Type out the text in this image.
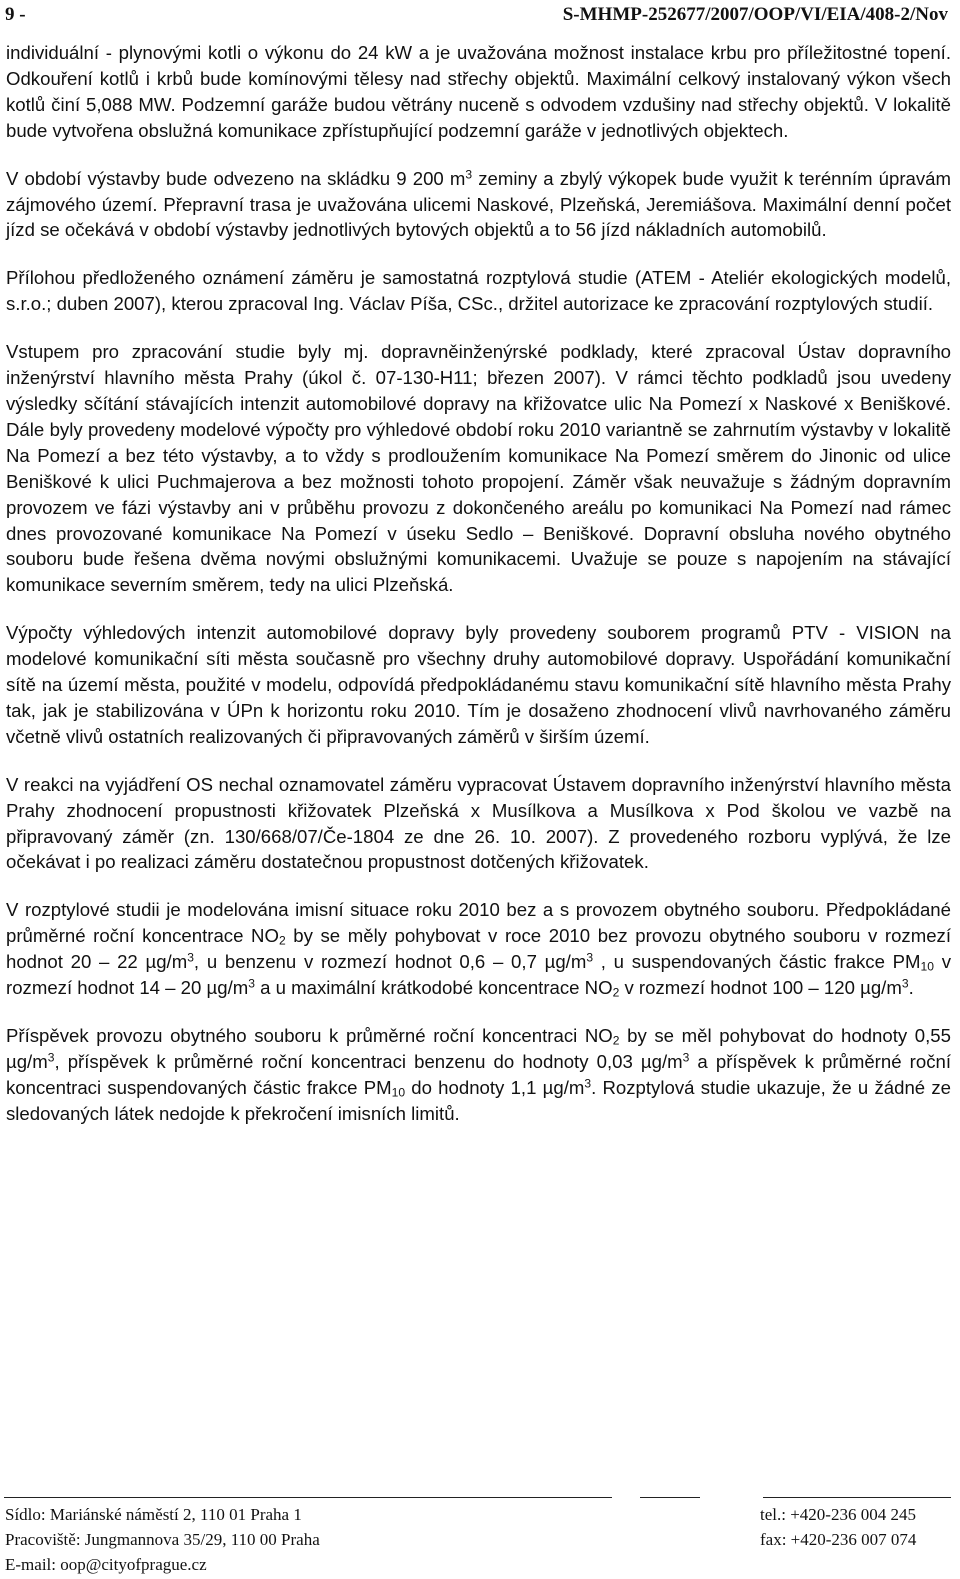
9 -	S-MHMP-252677/2007/OOP/VI/EIA/408-2/Nov

individuální - plynovými kotli o výkonu do 24 kW a je uvažována možnost instalace krbu pro příležitostné topení. Odkouření kotlů i krbů bude komínovými tělesy nad střechy objektů. Maximální celkový instalovaný výkon všech kotlů činí 5,088 MW. Podzemní garáže budou větrány nuceně s odvodem vzdušiny nad střechy objektů. V lokalitě bude vytvořena obslužná komunikace zpřístupňující podzemní garáže v jednotlivých objektech.

V období výstavby bude odvezeno na skládku 9 200 $m^3$ zeminy a zbylý výkopek bude využit k terénním úpravám zájmového území. Přepravní trasa je uvažována ulicemi Naskové, Plzeňská, Jeremiášova. Maximální denní počet jízd se očekává v období výstavby jednotlivých bytových objektů a to 56 jízd nákladních automobilů.

Přílohou předloženého oznámení záměru je samostatná rozptylová studie (ATEM - Ateliér ekologických modelů, s.r.o.; duben 2007), kterou zpracoval Ing. Václav Píša, CSc., držitel autorizace ke zpracování rozptylových studií.

Vstupem pro zpracování studie byly mj. dopravněinženýrské podklady, které zpracoval Ústav dopravního inženýrství hlavního města Prahy (úkol č. 07-130-H11; březen 2007). V rámci těchto podkladů jsou uvedeny výsledky sčítání stávajících intenzit automobilové dopravy na křižovatce ulic Na Pomezí x Naskové x Beniškové. Dále byly provedeny modelové výpočty pro výhledové období roku 2010 variantně se zahrnutím výstavby v lokalitě Na Pomezí a bez této výstavby, a to vždy s prodloužením komunikace Na Pomezí směrem do Jinonic od ulice Beniškové k ulici Puchmajerova a bez možnosti tohoto propojení. Záměr však neuvažuje s žádným dopravním provozem ve fázi výstavby ani v průběhu provozu z dokončeného areálu po komunikaci Na Pomezí nad rámec dnes provozované komunikace Na Pomezí v úseku Sedlo – Beniškové. Dopravní obsluha nového obytného souboru bude řešena dvěma novými obslužnými komunikacemi. Uvažuje se pouze s napojením na stávající komunikace severním směrem, tedy na ulici Plzeňská.

Výpočty výhledových intenzit automobilové dopravy byly provedeny souborem programů PTV - VISION na modelové komunikační síti města současně pro všechny druhy automobilové dopravy. Uspořádání komunikační sítě na území města, použité v modelu, odpovídá předpokládanému stavu komunikační sítě hlavního města Prahy tak, jak je stabilizována v ÚPn k horizontu roku 2010. Tím je dosaženo zhodnocení vlivů navrhovaného záměru včetně vlivů ostatních realizovaných či připravovaných záměrů v širším území.

V reakci na vyjádření OS nechal oznamovatel záměru vypracovat Ústavem dopravního inženýrství hlavního města Prahy zhodnocení propustnosti křižovatek Plzeňská x Musílkova a Musílkova x Pod školou ve vazbě na připravovaný záměr (zn. 130/668/07/Če-1804 ze dne 26. 10. 2007). Z provedeného rozboru vyplývá, že lze očekávat i po realizaci záměru dostatečnou propustnost dotčených křižovatek.

V rozptylové studii je modelována imisní situace roku 2010 bez a s provozem obytného souboru. Předpokládané průměrné roční koncentrace $NO_2$ by se měly pohybovat v roce 2010 bez provozu obytného souboru v rozmezí hodnot 20 – 22 $\mu g/m^3$, u benzenu v rozmezí hodnot 0,6 – 0,7 $\mu g/m^3$ , u suspendovaných částic frakce $PM_{10}$ v rozmezí hodnot 14 – 20 $\mu g/m^3$ a u maximální krátkodobé koncentrace $NO_2$ v rozmezí hodnot 100 – 120 $\mu g/m^3$.

Příspěvek provozu obytného souboru k průměrné roční koncentraci $NO_2$ by se měl pohybovat do hodnoty 0,55 $\mu g/m^3$, příspěvek k průměrné roční koncentraci benzenu do hodnoty 0,03 $\mu g/m^3$ a příspěvek k průměrné roční koncentraci suspendovaných částic frakce $PM_{10}$ do hodnoty 1,1 $\mu g/m^3$. Rozptylová studie ukazuje, že u žádné ze sledovaných látek nedojde k překročení imisních limitů.

Sídlo: Mariánské náměstí 2, 110 01 Praha 1
Pracoviště: Jungmannova 35/29, 110 00 Praha
E-mail: oop@cityofprague.cz
tel.: +420-236 004 245
fax: +420-236 007 074
